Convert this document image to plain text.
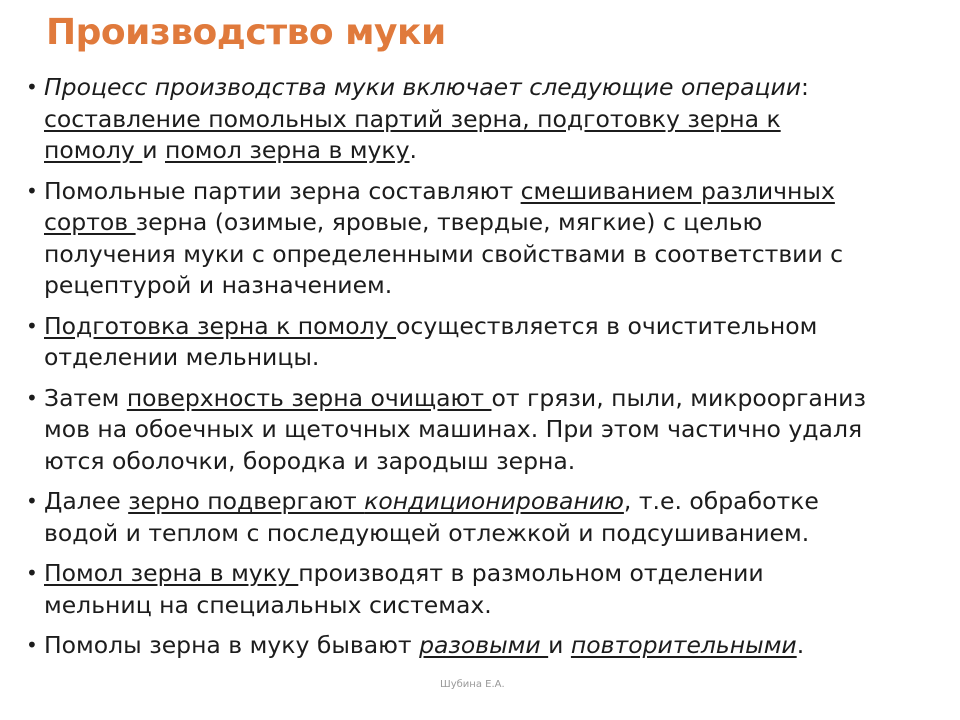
Производство муки
• Процесс производства муки включает следующие операции:
составление помольных партий зерна, подготовку зерна к
помолу и помол зерна в муку.
• Помольные партии зерна составляют смешиванием различных
сортов зерна (озимые, яровые, твердые, мягкие) с целью
получения муки с определенными свойствами в соответствии с
рецептурой и назначением.
• Подготовка зерна к помолу осуществляется в очистительном
отделении мельницы.
• Затем поверхность зерна очищают от грязи, пыли, микроорганиз
мов на обоечных и щеточных машинах. При этом частично удаля
ются оболочки, бородка и зародыш зерна.
• Далее зерно подвергают кондиционированию, т.е. обработке
водой и теплом с последующей отлежкой и подсушиванием.
• Помол зерна в муку производят в размольном отделении
мельниц на специальных системах.
• Помолы зерна в муку бывают разовыми и повторительными.
Шубина Е.А.
